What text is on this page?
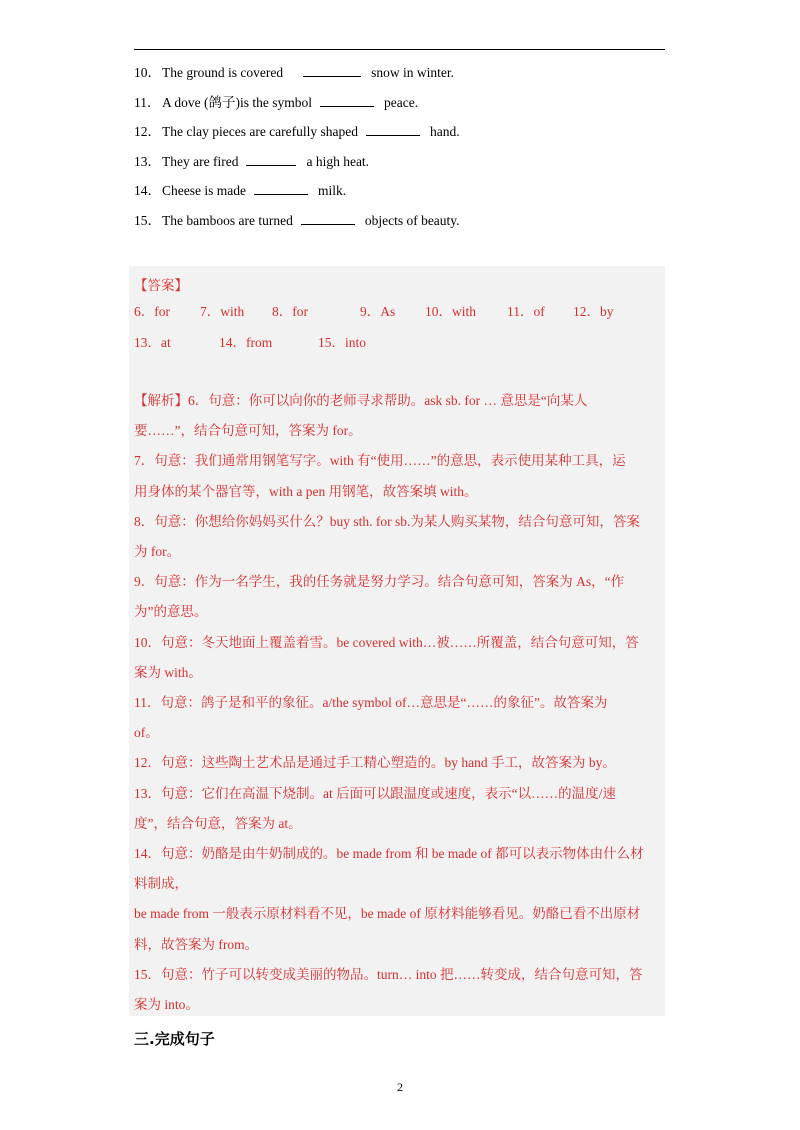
10．The ground is covered	snow in winter.
11． A dove (鸽子)is the symbol	peace.
12．The clay pieces are carefully shaped	hand.
13．They are fired	a high heat.
14．Cheese is made	milk.
15．The bamboos are turned	objects of beauty.
【答案】
6．for 7．with 8．for	9．As 10．with 11．of 12．by
13．at	14．from	15．into
【解析】6．句意：你可以向你的老师寻求帮助。ask sb. for … 意思是“向某人
要……”，结合句意可知，答案为 for。
7．句意：我们通常用钢笔写字。with 有“使用……”的意思，表示使用某种工具，运
用身体的某个器官等，with a pen 用钢笔，故答案填 with。
8．句意：你想给你妈妈买什么？buy sth. for sb.为某人购买某物，结合句意可知，答案
为 for。
9．句意：作为一名学生，我的任务就是努力学习。结合句意可知，答案为 As，“作
为”的意思。
10．句意：冬天地面上覆盖着雪。be covered with…被……所覆盖，结合句意可知，答
案为 with。
11．句意：鸽子是和平的象征。a/the symbol of…意思是“……的象征”。故答案为
of。
12．句意：这些陶土艺术品是通过手工精心塑造的。by hand 手工，故答案为 by。
13．句意：它们在高温下烧制。at 后面可以跟温度或速度，表示“以……的温度/速
度”，结合句意，答案为 at。
14．句意：奶酪是由牛奶制成的。be made from 和 be made of 都可以表示物体由什么材
料制成，
be made from 一般表示原材料看不见，be made of 原材料能够看见。奶酪已看不出原材
料，故答案为 from。
15．句意：竹子可以转变成美丽的物品。turn… into 把……转变成，结合句意可知，答
案为 into。
三.完成句子
2
